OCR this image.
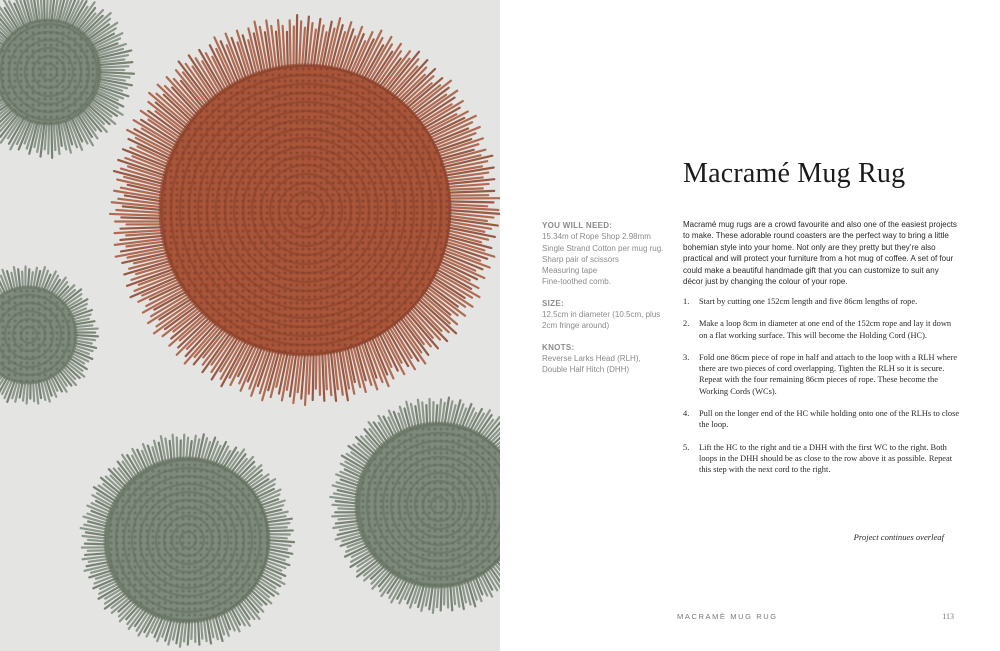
Macramé Mug Rug
YOU WILL NEED:
15.34m of Rope Shop 2.98mm
Single Strand Cotton per mug rug.
Sharp pair of scissors
Measuring tape
Fine-toothed comb.
SIZE:
12.5cm in diameter (10.5cm, plus
2cm fringe around)
KNOTS:
Reverse Larks Head (RLH),
Double Half Hitch (DHH)
Macramé mug rugs are a crowd favourite and also one of the easiest projects to make. These adorable round coasters are the perfect way to bring a little bohemian style into your home. Not only are they pretty but they’re also practical and will protect your furniture from a hot mug of coffee. A set of four could make a beautiful handmade gift that you can customize to suit any décor just by changing the colour of your rope.
1.	Start by cutting one 152cm length and five 86cm lengths of rope.
2.	Make a loop 8cm in diameter at one end of the 152cm rope and lay it down on a flat working surface. This will become the Holding Cord (HC).
3.	Fold one 86cm piece of rope in half and attach to the loop with a RLH where there are two pieces of cord overlapping. Tighten the RLH so it is secure. Repeat with the four remaining 86cm pieces of rope. These become the Working Cords (WCs).
4.	Pull on the longer end of the HC while holding onto one of the RLHs to close the loop.
5.	Lift the HC to the right and tie a DHH with the first WC to the right. Both loops in the DHH should be as close to the row above it as possible. Repeat this step with the next cord to the right.
Project continues overleaf
MACRAMÉ MUG RUG	113
